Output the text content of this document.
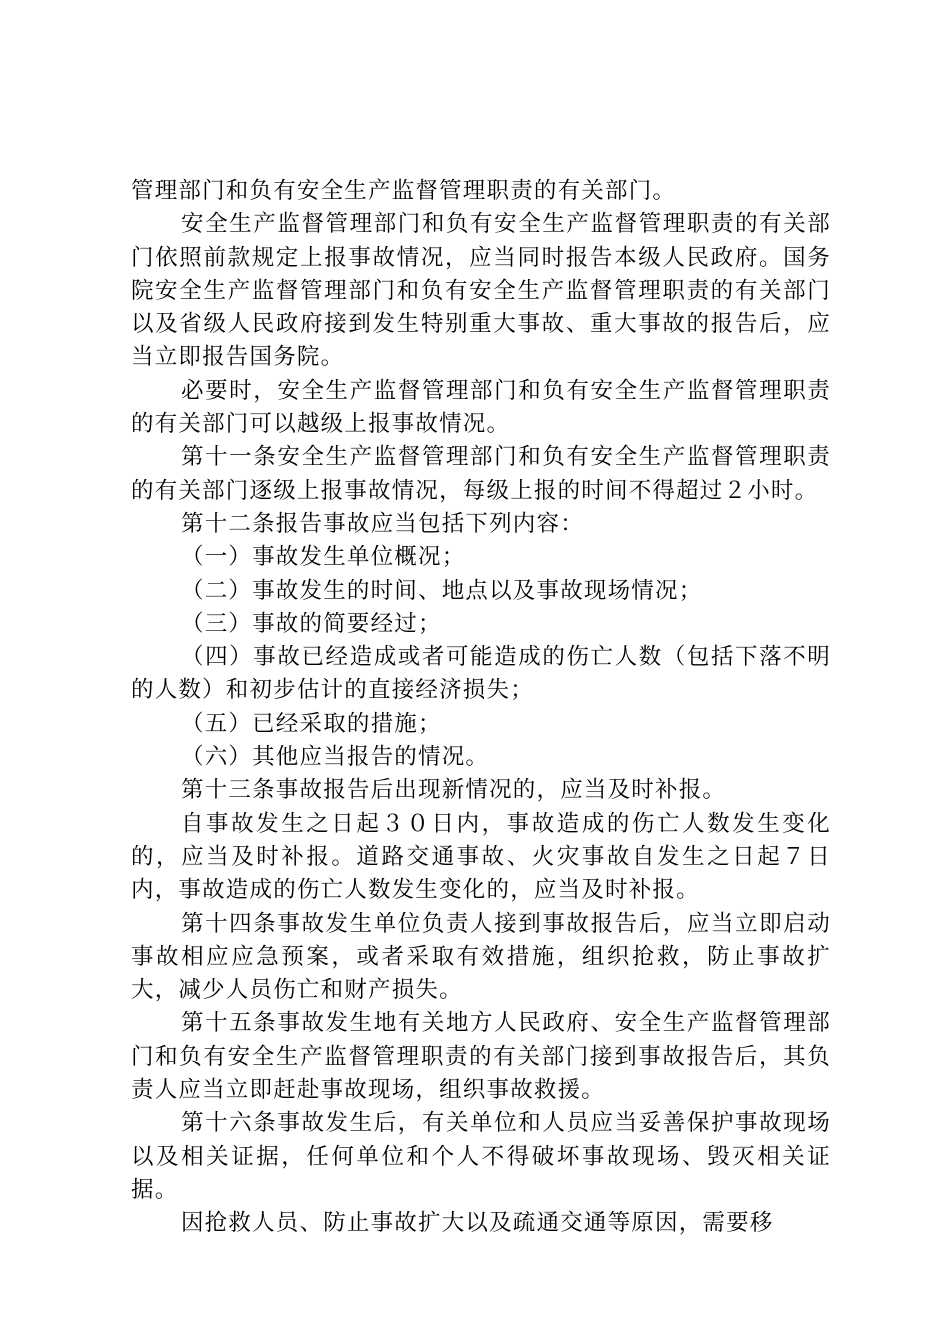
管理部门和负有安全生产监督管理职责的有关部门。

安全生产监督管理部门和负有安全生产监督管理职责的有关部门依照前款规定上报事故情况，应当同时报告本级人民政府。国务院安全生产监督管理部门和负有安全生产监督管理职责的有关部门以及省级人民政府接到发生特别重大事故、重大事故的报告后，应当立即报告国务院。

必要时，安全生产监督管理部门和负有安全生产监督管理职责的有关部门可以越级上报事故情况。

第十一条安全生产监督管理部门和负有安全生产监督管理职责的有关部门逐级上报事故情况，每级上报的时间不得超过２小时。

第十二条报告事故应当包括下列内容：

（一）事故发生单位概况；

（二）事故发生的时间、地点以及事故现场情况；

（三）事故的简要经过；

（四）事故已经造成或者可能造成的伤亡人数（包括下落不明的人数）和初步估计的直接经济损失；

（五）已经采取的措施；

（六）其他应当报告的情况。

第十三条事故报告后出现新情况的，应当及时补报。

自事故发生之日起３０日内，事故造成的伤亡人数发生变化的，应当及时补报。道路交通事故、火灾事故自发生之日起７日内，事故造成的伤亡人数发生变化的，应当及时补报。

第十四条事故发生单位负责人接到事故报告后，应当立即启动事故相应应急预案，或者采取有效措施，组织抢救，防止事故扩大，减少人员伤亡和财产损失。

第十五条事故发生地有关地方人民政府、安全生产监督管理部门和负有安全生产监督管理职责的有关部门接到事故报告后，其负责人应当立即赶赴事故现场，组织事故救援。

第十六条事故发生后，有关单位和人员应当妥善保护事故现场以及相关证据，任何单位和个人不得破坏事故现场、毁灭相关证据。

因抢救人员、防止事故扩大以及疏通交通等原因，需要移
